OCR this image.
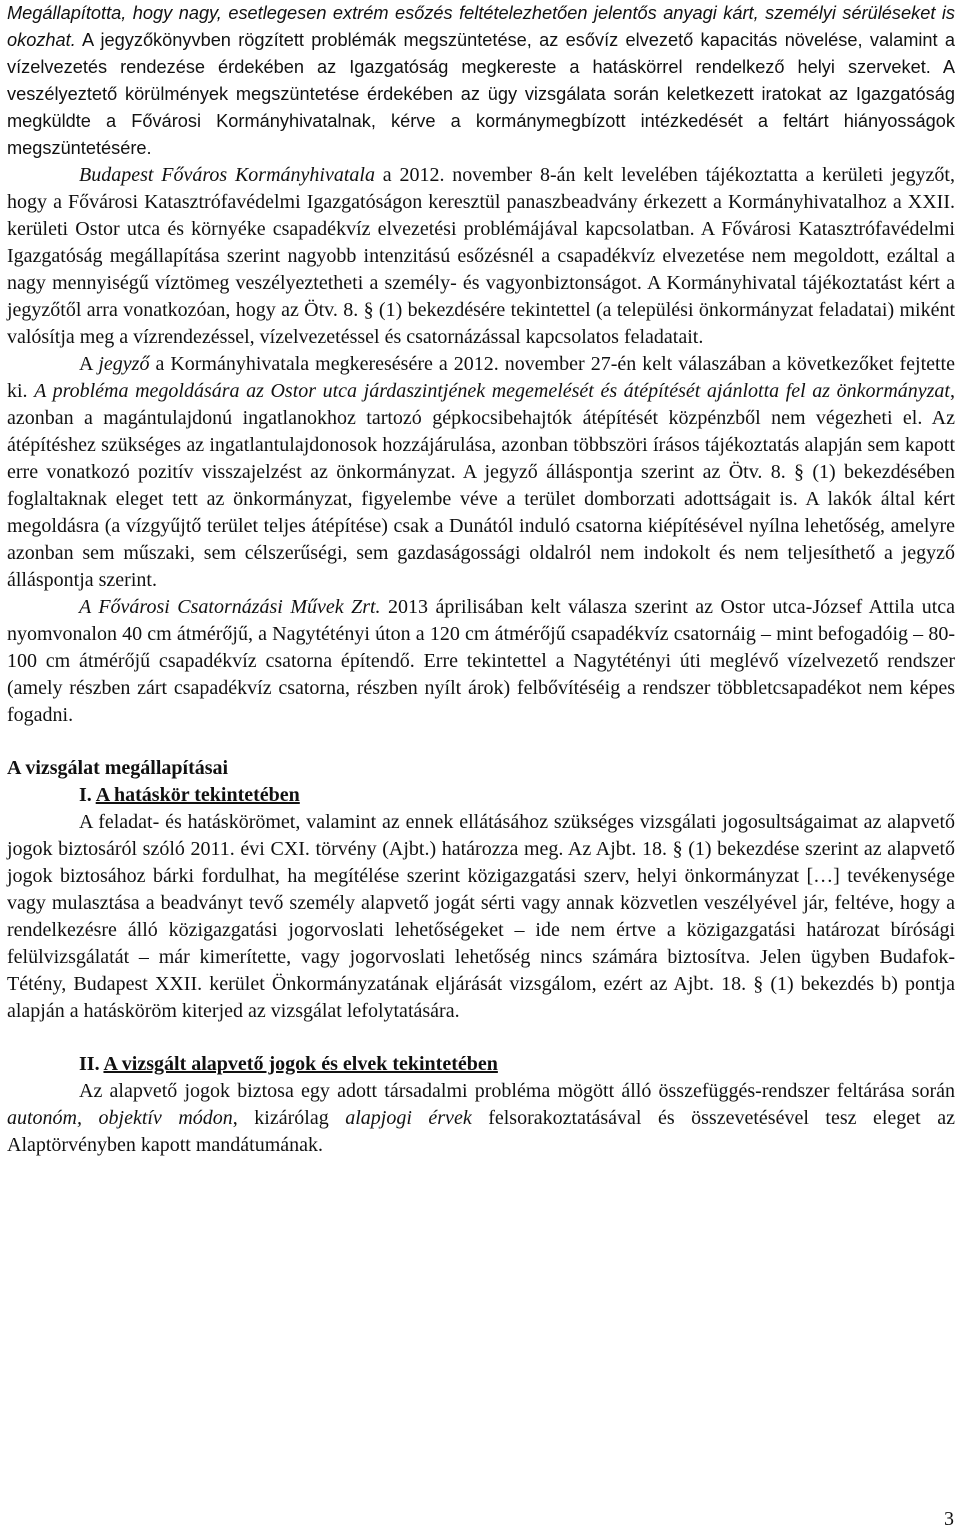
Megállapította, hogy nagy, esetlegesen extrém esőzés feltételezhetően jelentős anyagi kárt, személyi sérüléseket is okozhat. A jegyzőkönyvben rögzített problémák megszüntetése, az esővíz elvezető kapacitás növelése, valamint a vízelvezetés rendezése érdekében az Igazgatóság megkereste a hatáskörrel rendelkező helyi szerveket. A veszélyeztető körülmények megszüntetése érdekében az ügy vizsgálata során keletkezett iratokat az Igazgatóság megküldte a Fővárosi Kormányhivatalnak, kérve a kormánymegbízott intézkedését a feltárt hiányosságok megszüntetésére.

Budapest Főváros Kormányhivatala a 2012. november 8-án kelt levelében tájékoztatta a kerületi jegyzőt, hogy a Fővárosi Katasztrófavédelmi Igazgatóságon keresztül panaszbeadvány érkezett a Kormányhivatalhoz a XXII. kerületi Ostor utca és környéke csapadékvíz elvezetési problémájával kapcsolatban. A Fővárosi Katasztrófavédelmi Igazgatóság megállapítása szerint nagyobb intenzitású esőzésnél a csapadékvíz elvezetése nem megoldott, ezáltal a nagy mennyiségű víztömeg veszélyeztetheti a személy- és vagyonbiztonságot. A Kormányhivatal tájékoztatást kért a jegyzőtől arra vonatkozóan, hogy az Ötv. 8. § (1) bekezdésére tekintettel (a települési önkormányzat feladatai) miként valósítja meg a vízrendezéssel, vízelvezetéssel és csatornázással kapcsolatos feladatait.

A jegyző a Kormányhivatala megkeresésére a 2012. november 27-én kelt válaszában a következőket fejtette ki. A probléma megoldására az Ostor utca járdaszintjének megemelését és átépítését ajánlotta fel az önkormányzat, azonban a magántulajdonú ingatlanokhoz tartozó gépkocsibehajtók átépítését közpénzből nem végezheti el. Az átépítéshez szükséges az ingatlantulajdonosok hozzájárulása, azonban többszöri írásos tájékoztatás alapján sem kapott erre vonatkozó pozitív visszajelzést az önkormányzat. A jegyző álláspontja szerint az Ötv. 8. § (1) bekezdésében foglaltaknak eleget tett az önkormányzat, figyelembe véve a terület domborzati adottságait is. A lakók által kért megoldásra (a vízgyűjtő terület teljes átépítése) csak a Dunától induló csatorna kiépítésével nyílna lehetőség, amelyre azonban sem műszaki, sem célszerűségi, sem gazdaságossági oldalról nem indokolt és nem teljesíthető a jegyző álláspontja szerint.

A Fővárosi Csatornázási Művek Zrt. 2013 áprilisában kelt válasza szerint az Ostor utca-József Attila utca nyomvonalon 40 cm átmérőjű, a Nagytétényi úton a 120 cm átmérőjű csapadékvíz csatornáig – mint befogadóig – 80-100 cm átmérőjű csapadékvíz csatorna építendő. Erre tekintettel a Nagytétényi úti meglévő vízelvezető rendszer (amely részben zárt csapadékvíz csatorna, részben nyílt árok) felbővítéséig a rendszer többletcsapadékot nem képes fogadni.

A vizsgálat megállapításai

I. A hatáskör tekintetében

A feladat- és hatáskörömet, valamint az ennek ellátásához szükséges vizsgálati jogosultságaimat az alapvető jogok biztosáról szóló 2011. évi CXI. törvény (Ajbt.) határozza meg. Az Ajbt. 18. § (1) bekezdése szerint az alapvető jogok biztosához bárki fordulhat, ha megítélése szerint közigazgatási szerv, helyi önkormányzat […] tevékenysége vagy mulasztása a beadványt tevő személy alapvető jogát sérti vagy annak közvetlen veszélyével jár, feltéve, hogy a rendelkezésre álló közigazgatási jogorvoslati lehetőségeket – ide nem értve a közigazgatási határozat bírósági felülvizsgálatát – már kimerítette, vagy jogorvoslati lehetőség nincs számára biztosítva. Jelen ügyben Budafok-Tétény, Budapest XXII. kerület Önkormányzatának eljárását vizsgálom, ezért az Ajbt. 18. § (1) bekezdés b) pontja alapján a hatásköröm kiterjed az vizsgálat lefolytatására.

II. A vizsgált alapvető jogok és elvek tekintetében

Az alapvető jogok biztosa egy adott társadalmi probléma mögött álló összefüggés-rendszer feltárása során autonóm, objektív módon, kizárólag alapjogi érvek felsorakoztatásával és összevetésével tesz eleget az Alaptörvényben kapott mandátumának.

3
